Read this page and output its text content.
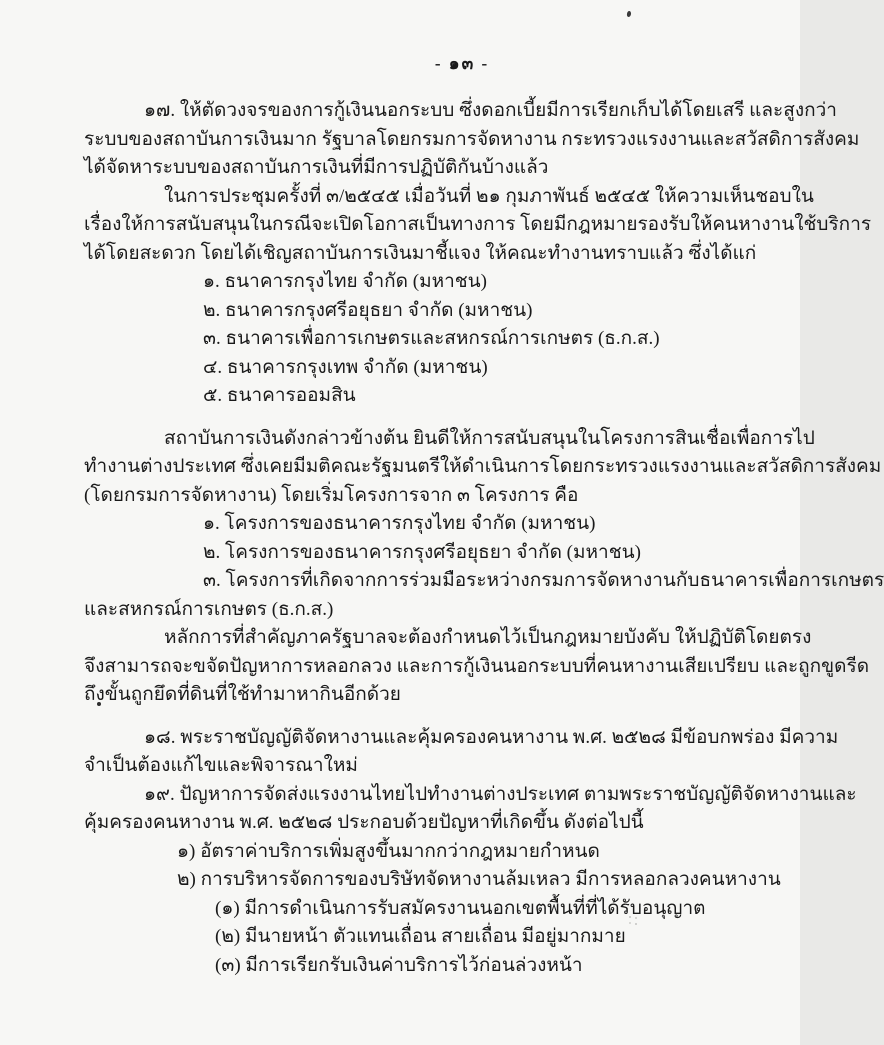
- ๑๓ -
๑๗. ให้ตัดวงจรของการกู้เงินนอกระบบ ซึ่งดอกเบี้ยมีการเรียกเก็บได้โดยเสรี และสูงกว่า
ระบบของสถาบันการเงินมาก รัฐบาลโดยกรมการจัดหางาน กระทรวงแรงงานและสวัสดิการสังคม
ได้จัดหาระบบของสถาบันการเงินที่มีการปฏิบัติกันบ้างแล้ว
ในการประชุมครั้งที่ ๓/๒๕๔๕ เมื่อวันที่ ๒๑ กุมภาพันธ์ ๒๕๔๕ ให้ความเห็นชอบใน
เรื่องให้การสนับสนุนในกรณีจะเปิดโอกาสเป็นทางการ โดยมีกฎหมายรองรับให้คนหางานใช้บริการ
ได้โดยสะดวก โดยได้เชิญสถาบันการเงินมาชี้แจง ให้คณะทำงานทราบแล้ว ซึ่งได้แก่
๑. ธนาคารกรุงไทย จำกัด (มหาชน)
๒. ธนาคารกรุงศรีอยุธยา จำกัด (มหาชน)
๓. ธนาคารเพื่อการเกษตรและสหกรณ์การเกษตร (ธ.ก.ส.)
๔. ธนาคารกรุงเทพ จำกัด (มหาชน)
๕. ธนาคารออมสิน
สถาบันการเงินดังกล่าวข้างต้น ยินดีให้การสนับสนุนในโครงการสินเชื่อเพื่อการไป
ทำงานต่างประเทศ ซึ่งเคยมีมติคณะรัฐมนตรีให้ดำเนินการโดยกระทรวงแรงงานและสวัสดิการสังคม
(โดยกรมการจัดหางาน) โดยเริ่มโครงการจาก ๓ โครงการ คือ
๑. โครงการของธนาคารกรุงไทย จำกัด (มหาชน)
๒. โครงการของธนาคารกรุงศรีอยุธยา จำกัด (มหาชน)
๓. โครงการที่เกิดจากการร่วมมือระหว่างกรมการจัดหางานกับธนาคารเพื่อการเกษตร
และสหกรณ์การเกษตร (ธ.ก.ส.)
หลักการที่สำคัญภาครัฐบาลจะต้องกำหนดไว้เป็นกฎหมายบังคับ ให้ปฏิบัติโดยตรง
จึงสามารถจะขจัดปัญหาการหลอกลวง และการกู้เงินนอกระบบที่คนหางานเสียเปรียบ และถูกขูดรีด
ถึงขั้นถูกยึดที่ดินที่ใช้ทำมาหากินอีกด้วย
๑๘. พระราชบัญญัติจัดหางานและคุ้มครองคนหางาน พ.ศ. ๒๕๒๘ มีข้อบกพร่อง มีความ
จำเป็นต้องแก้ไขและพิจารณาใหม่
๑๙. ปัญหาการจัดส่งแรงงานไทยไปทำงานต่างประเทศ ตามพระราชบัญญัติจัดหางานและ
คุ้มครองคนหางาน พ.ศ. ๒๕๒๘ ประกอบด้วยปัญหาที่เกิดขึ้น ดังต่อไปนี้
๑) อัตราค่าบริการเพิ่มสูงขึ้นมากกว่ากฎหมายกำหนด
๒) การบริหารจัดการของบริษัทจัดหางานล้มเหลว มีการหลอกลวงคนหางาน
(๑) มีการดำเนินการรับสมัครงานนอกเขตพื้นที่ที่ได้รับอนุญาต
(๒) มีนายหน้า ตัวแทนเถื่อน สายเถื่อน มีอยู่มากมาย
(๓) มีการเรียกรับเงินค่าบริการไว้ก่อนล่วงหน้า
